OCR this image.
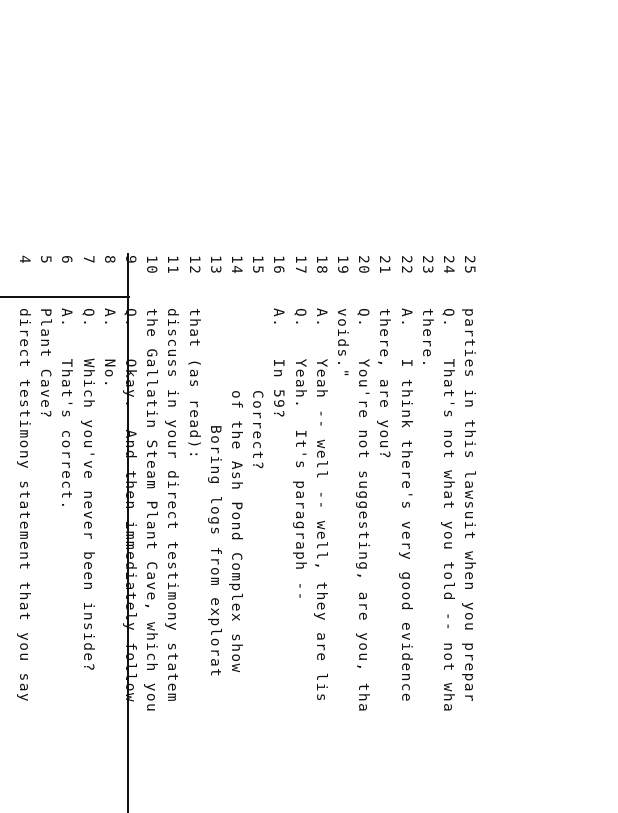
4
direct testimony statement that you say
5
Plant Cave?
6
A.   That's correct.
7
Q.   Which you've never been inside?
8
A.   No.
9
Q.   Okay.  And then immediately follow
10
the Gallatin Steam Plant Cave, which you
11
discuss in your direct testimony statem
12
that (as read):
13
Boring logs from explorat
14
of the Ash Pond Complex show
15
Correct?
16
A.   In 59?
17
Q.   Yeah.  It's paragraph --
18
A.   Yeah -- well -- well, they are lis
19
voids."
20
Q.   You're not suggesting, are you, tha
21
there, are you?
22
A.   I think there's very good evidence
23
there.
24
Q.   That's not what you told -- not wha
25
parties in this lawsuit when you prepar
